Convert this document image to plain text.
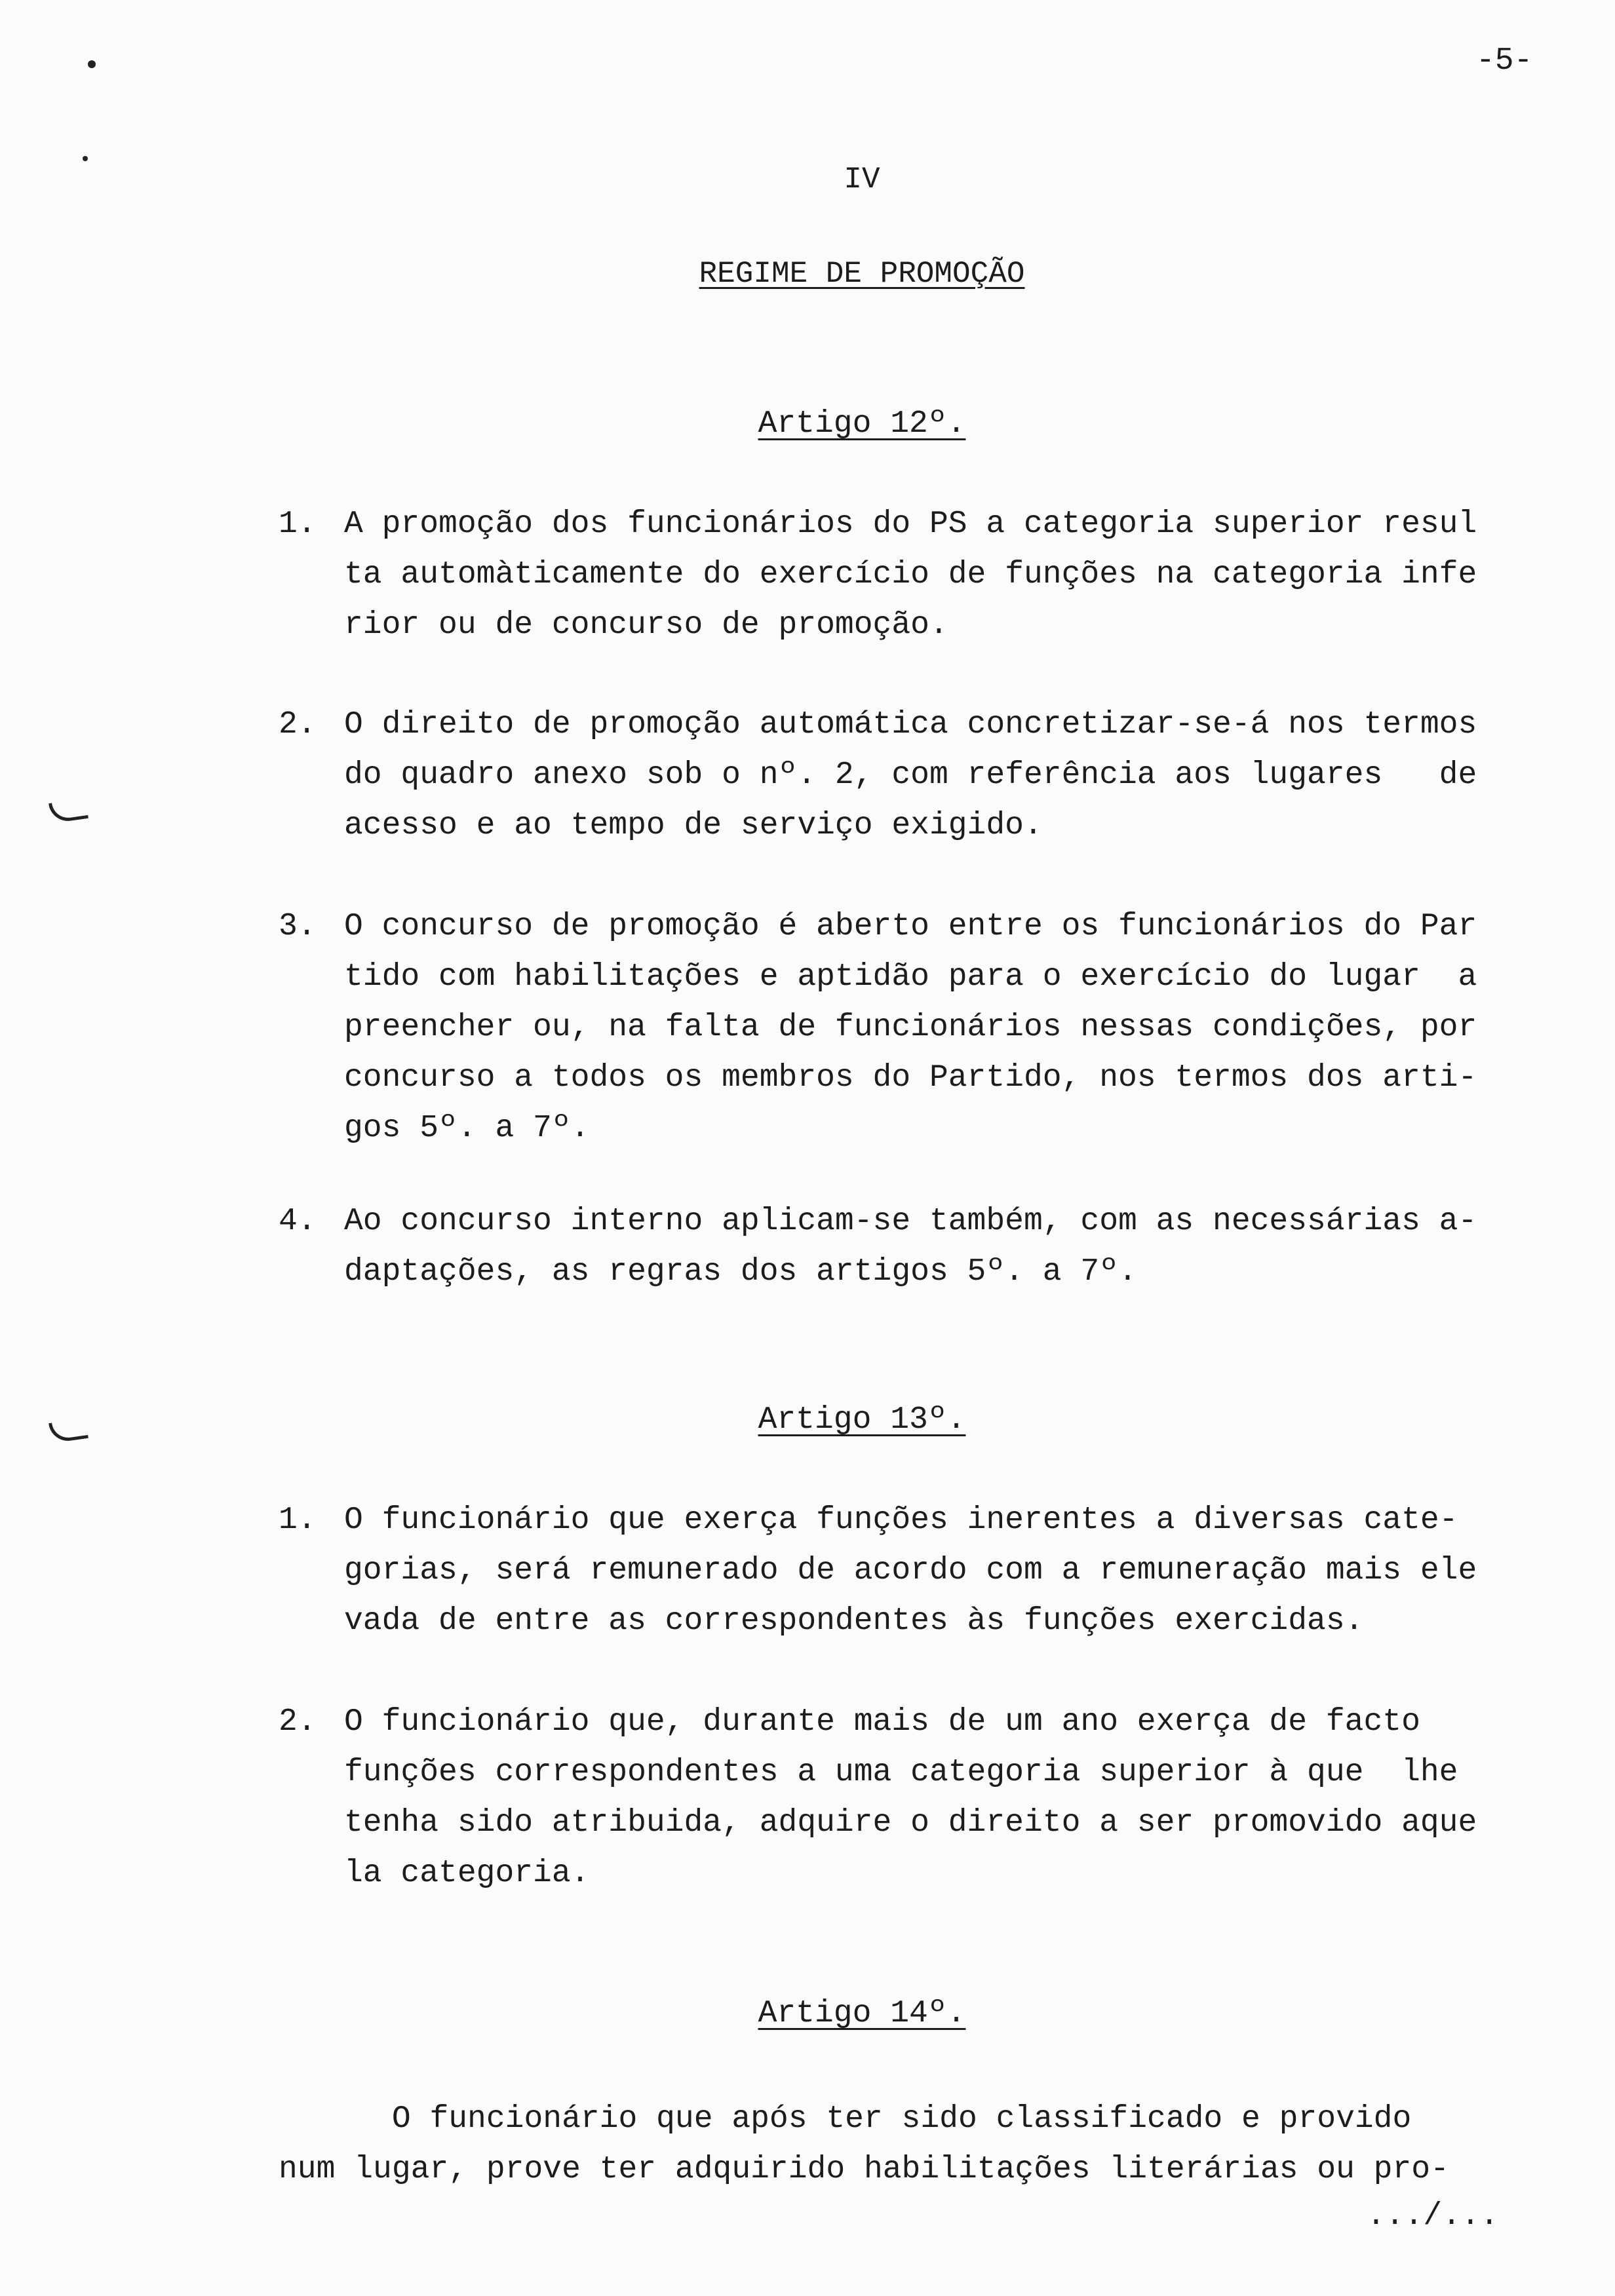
-5-
IV
REGIME DE PROMOÇÃO
Artigo 12º.
1. A promoção dos funcionários do PS a categoria superior resul
ta automàticamente do exercício de funções na categoria infe
rior ou de concurso de promoção.
2. O direito de promoção automática concretizar-se-á nos termos
do quadro anexo sob o nº. 2, com referência aos lugares   de
acesso e ao tempo de serviço exigido.
3. O concurso de promoção é aberto entre os funcionários do Par
tido com habilitações e aptidão para o exercício do lugar  a
preencher ou, na falta de funcionários nessas condições, por
concurso a todos os membros do Partido, nos termos dos arti-
gos 5º. a 7º.
4. Ao concurso interno aplicam-se também, com as necessárias a-
daptações, as regras dos artigos 5º. a 7º.
Artigo 13º.
1. O funcionário que exerça funções inerentes a diversas cate-
gorias, será remunerado de acordo com a remuneração mais ele
vada de entre as correspondentes às funções exercidas.
2. O funcionário que, durante mais de um ano exerça de facto
funções correspondentes a uma categoria superior à que  lhe
tenha sido atribuida, adquire o direito a ser promovido aque
la categoria.
Artigo 14º.
O funcionário que após ter sido classificado e provido
num lugar, prove ter adquirido habilitações literárias ou pro-
.../...
